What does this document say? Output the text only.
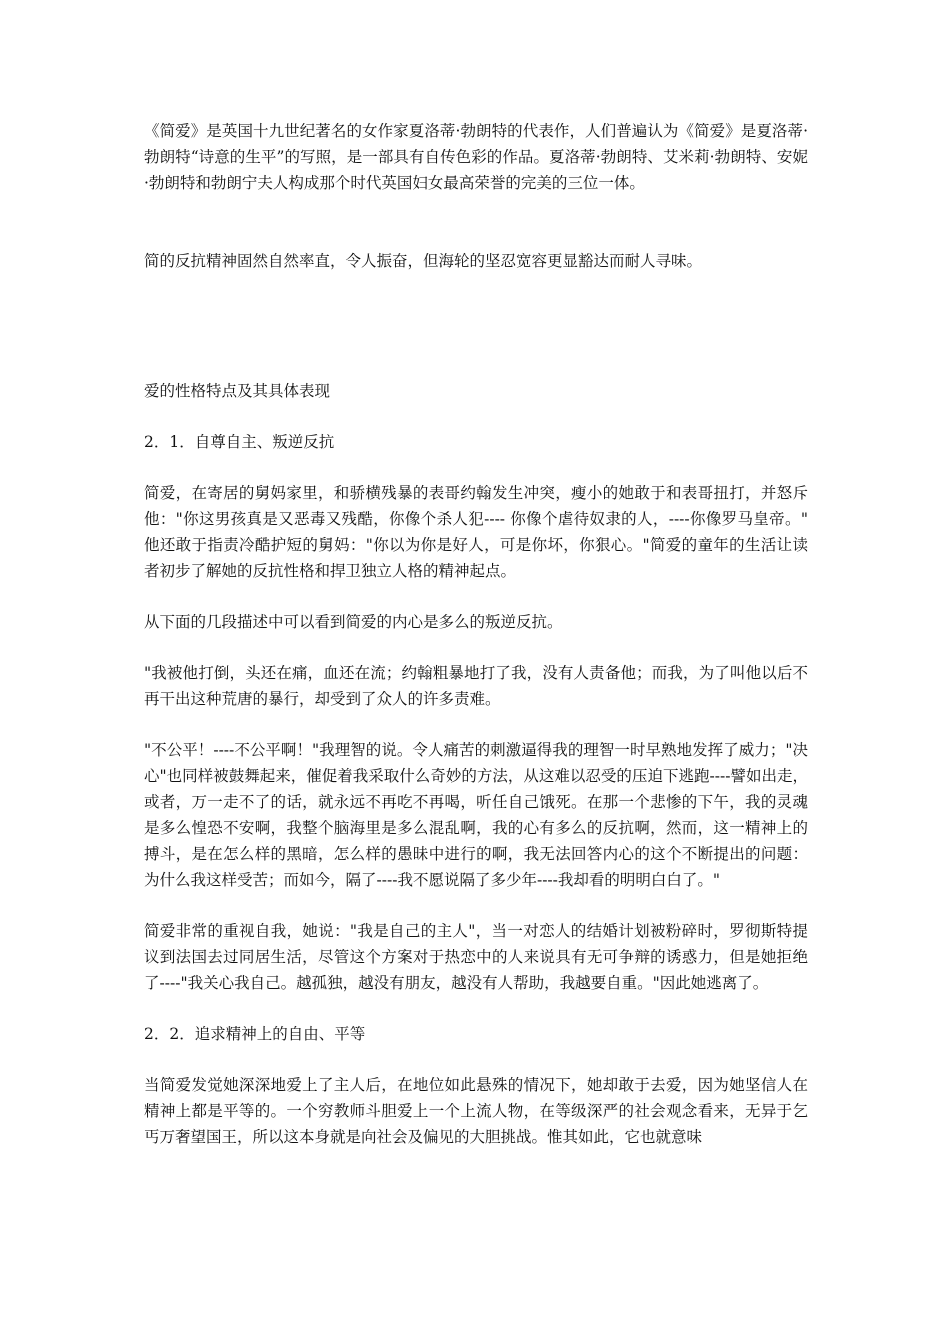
《简爱》是英国十九世纪著名的女作家夏洛蒂·勃朗特的代表作，人们普遍认为《简爱》是夏洛蒂·勃朗特“诗意的生平”的写照，是一部具有自传色彩的作品。夏洛蒂·勃朗特、艾米莉·勃朗特、安妮·勃朗特和勃朗宁夫人构成那个时代英国妇女最高荣誉的完美的三位一体。

简的反抗精神固然自然率直，令人振奋，但海轮的坚忍宽容更显豁达而耐人寻味。

爱的性格特点及其具体表现

2．1．自尊自主、叛逆反抗

简爱，在寄居的舅妈家里，和骄横残暴的表哥约翰发生冲突，瘦小的她敢于和表哥扭打，并怒斥他："你这男孩真是又恶毒又残酷，你像个杀人犯---- 你像个虐待奴隶的人，----你像罗马皇帝。" 他还敢于指责冷酷护短的舅妈："你以为你是好人，可是你坏，你狠心。"简爱的童年的生活让读者初步了解她的反抗性格和捍卫独立人格的精神起点。

从下面的几段描述中可以看到简爱的内心是多么的叛逆反抗。

"我被他打倒，头还在痛，血还在流；约翰粗暴地打了我，没有人责备他；而我，为了叫他以后不再干出这种荒唐的暴行，却受到了众人的许多责难。

"不公平！----不公平啊！"我理智的说。令人痛苦的刺激逼得我的理智一时早熟地发挥了威力；"决心"也同样被鼓舞起来，催促着我采取什么奇妙的方法，从这难以忍受的压迫下逃跑----譬如出走，或者，万一走不了的话，就永远不再吃不再喝，听任自己饿死。在那一个悲惨的下午，我的灵魂是多么惶恐不安啊，我整个脑海里是多么混乱啊，我的心有多么的反抗啊，然而，这一精神上的搏斗，是在怎么样的黑暗，怎么样的愚昧中进行的啊，我无法回答内心的这个不断提出的问题：为什么我这样受苦；而如今，隔了----我不愿说隔了多少年----我却看的明明白白了。"

简爱非常的重视自我，她说："我是自己的主人"，当一对恋人的结婚计划被粉碎时，罗彻斯特提议到法国去过同居生活，尽管这个方案对于热恋中的人来说具有无可争辩的诱惑力，但是她拒绝了----"我关心我自己。越孤独，越没有朋友，越没有人帮助，我越要自重。"因此她逃离了。

2．2．追求精神上的自由、平等

当简爱发觉她深深地爱上了主人后，在地位如此悬殊的情况下，她却敢于去爱，因为她坚信人在精神上都是平等的。一个穷教师斗胆爱上一个上流人物，在等级深严的社会观念看来，无异于乞丐万奢望国王，所以这本身就是向社会及偏见的大胆挑战。惟其如此，它也就意味
